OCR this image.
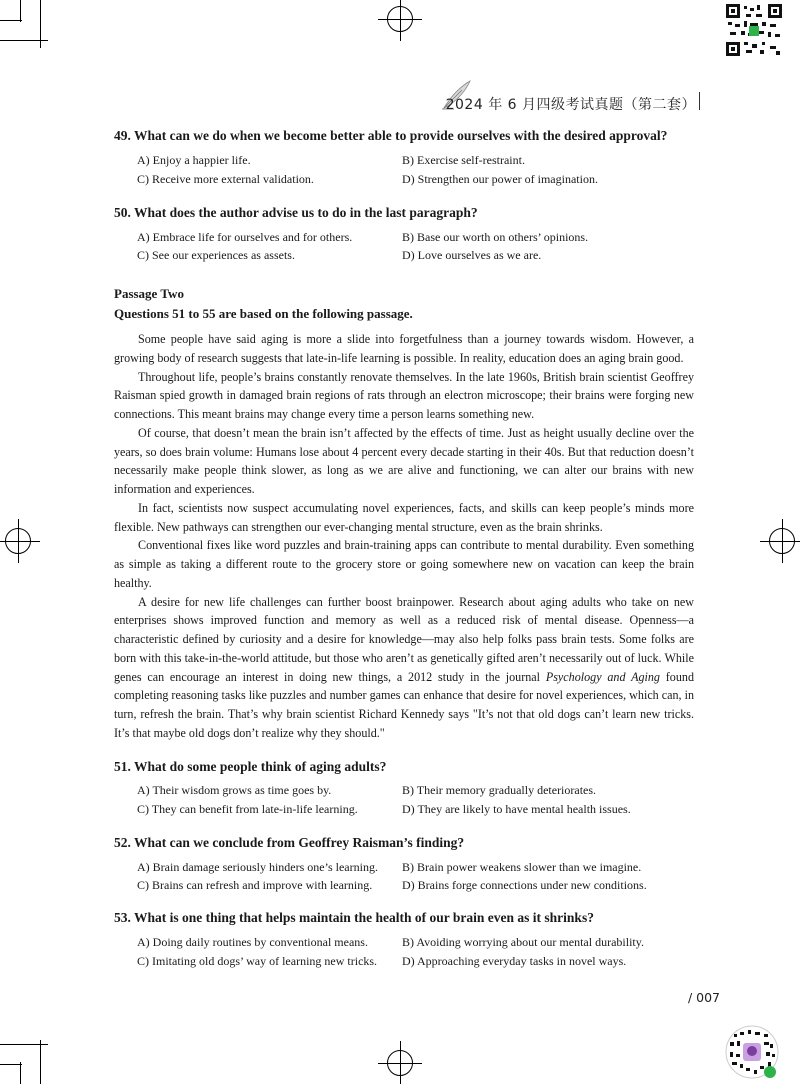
2024 年 6 月四级考试真题（第二套）
49. What can we do when we become better able to provide ourselves with the desired approval?
A) Enjoy a happier life.	B) Exercise self-restraint.
C) Receive more external validation.	D) Strengthen our power of imagination.
50. What does the author advise us to do in the last paragraph?
A) Embrace life for ourselves and for others.	B) Base our worth on others’ opinions.
C) See our experiences as assets.	D) Love ourselves as we are.
Passage Two
Questions 51 to 55 are based on the following passage.

Some people have said aging is more a slide into forgetfulness than a journey towards wisdom. However, a growing body of research suggests that late-in-life learning is possible. In reality, education does an aging brain good.

Throughout life, people’s brains constantly renovate themselves. In the late 1960s, British brain scientist Geoffrey Raisman spied growth in damaged brain regions of rats through an electron microscope; their brains were forging new connections. This meant brains may change every time a person learns something new.

Of course, that doesn’t mean the brain isn’t affected by the effects of time. Just as height usually decline over the years, so does brain volume: Humans lose about 4 percent every decade starting in their 40s. But that reduction doesn’t necessarily make people think slower, as long as we are alive and functioning, we can alter our brains with new information and experiences.

In fact, scientists now suspect accumulating novel experiences, facts, and skills can keep people’s minds more flexible. New pathways can strengthen our ever-changing mental structure, even as the brain shrinks.

Conventional fixes like word puzzles and brain-training apps can contribute to mental durability. Even something as simple as taking a different route to the grocery store or going somewhere new on vacation can keep the brain healthy.

A desire for new life challenges can further boost brainpower. Research about aging adults who take on new enterprises shows improved function and memory as well as a reduced risk of mental disease. Openness—a characteristic defined by curiosity and a desire for knowledge—may also help folks pass brain tests. Some folks are born with this take-in-the-world attitude, but those who aren’t as genetically gifted aren’t necessarily out of luck. While genes can encourage an interest in doing new things, a 2012 study in the journal Psychology and Aging found completing reasoning tasks like puzzles and number games can enhance that desire for novel experiences, which can, in turn, refresh the brain. That’s why brain scientist Richard Kennedy says "It’s not that old dogs can’t learn new tricks. It’s that maybe old dogs don’t realize why they should."

51. What do some people think of aging adults?
A) Their wisdom grows as time goes by.	B) Their memory gradually deteriorates.
C) They can benefit from late-in-life learning.	D) They are likely to have mental health issues.
52. What can we conclude from Geoffrey Raisman’s finding?
A) Brain damage seriously hinders one’s learning. B) Brain power weakens slower than we imagine.
C) Brains can refresh and improve with learning. D) Brains forge connections under new conditions.
53. What is one thing that helps maintain the health of our brain even as it shrinks?
A) Doing daily routines by conventional means.	B) Avoiding worrying about our mental durability.
C) Imitating old dogs’ way of learning new tricks. D) Approaching everyday tasks in novel ways.
/ 007
